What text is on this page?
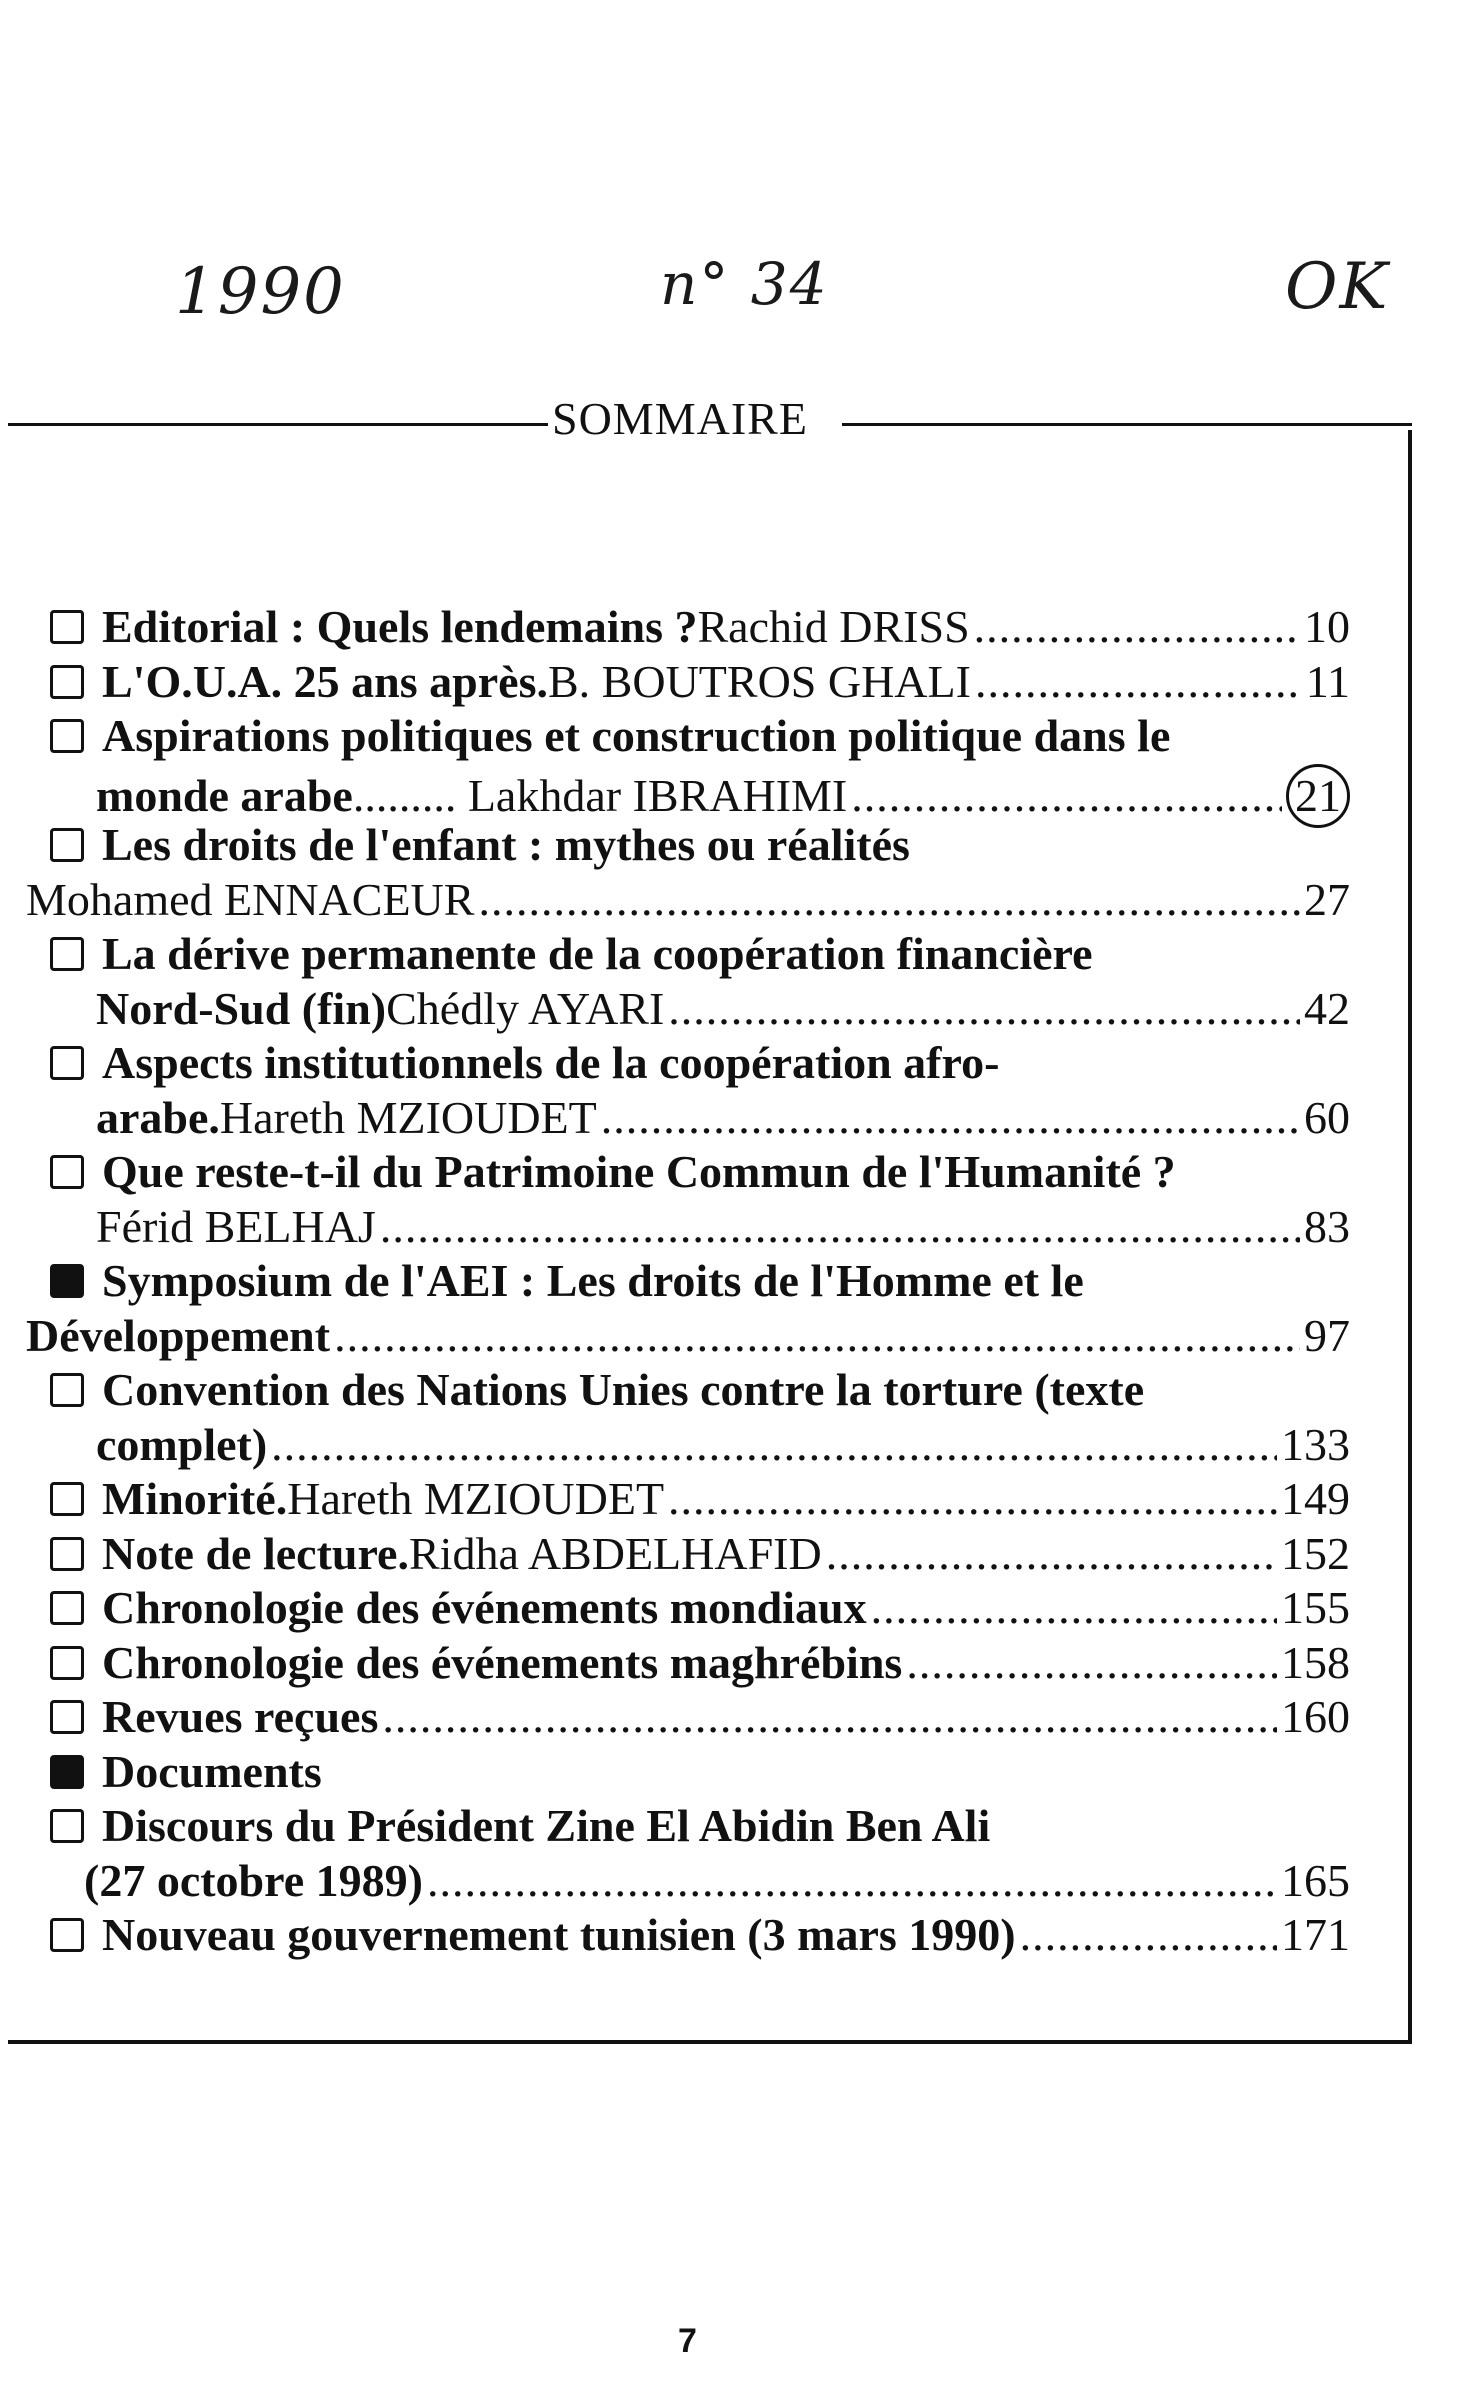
1990	n° 34	OK
SOMMAIRE
Editorial : Quels lendemains ? Rachid DRISS .....	10
L'O.U.A. 25 ans après. B. BOUTROS GHALI .....	11
Aspirations politiques et construction politique dans le
monde arabe ......... Lakhdar IBRAHIMI .....	21
Les droits de l'enfant : mythes ou réalités
Mohamed ENNACEUR .....	27
La dérive permanente de la coopération financière
Nord-Sud (fin) Chédly AYARI .....	42
Aspects institutionnels de la coopération afro-
arabe. Hareth MZIOUDET .....	60
Que reste-t-il du Patrimoine Commun de l'Humanité ?
Férid BELHAJ .....	83
Symposium de l'AEI : Les droits de l'Homme et le
Développement .....	97
Convention des Nations Unies contre la torture (texte
complet) .....	133
Minorité. Hareth MZIOUDET .....	149
Note de lecture. Ridha ABDELHAFID .....	152
Chronologie des événements mondiaux .....	155
Chronologie des événements maghrébins .....	158
Revues reçues .....	160
Documents
Discours du Président Zine El Abidin Ben Ali
(27 octobre 1989) .....	165
Nouveau gouvernement tunisien (3 mars 1990) .....	171
7
